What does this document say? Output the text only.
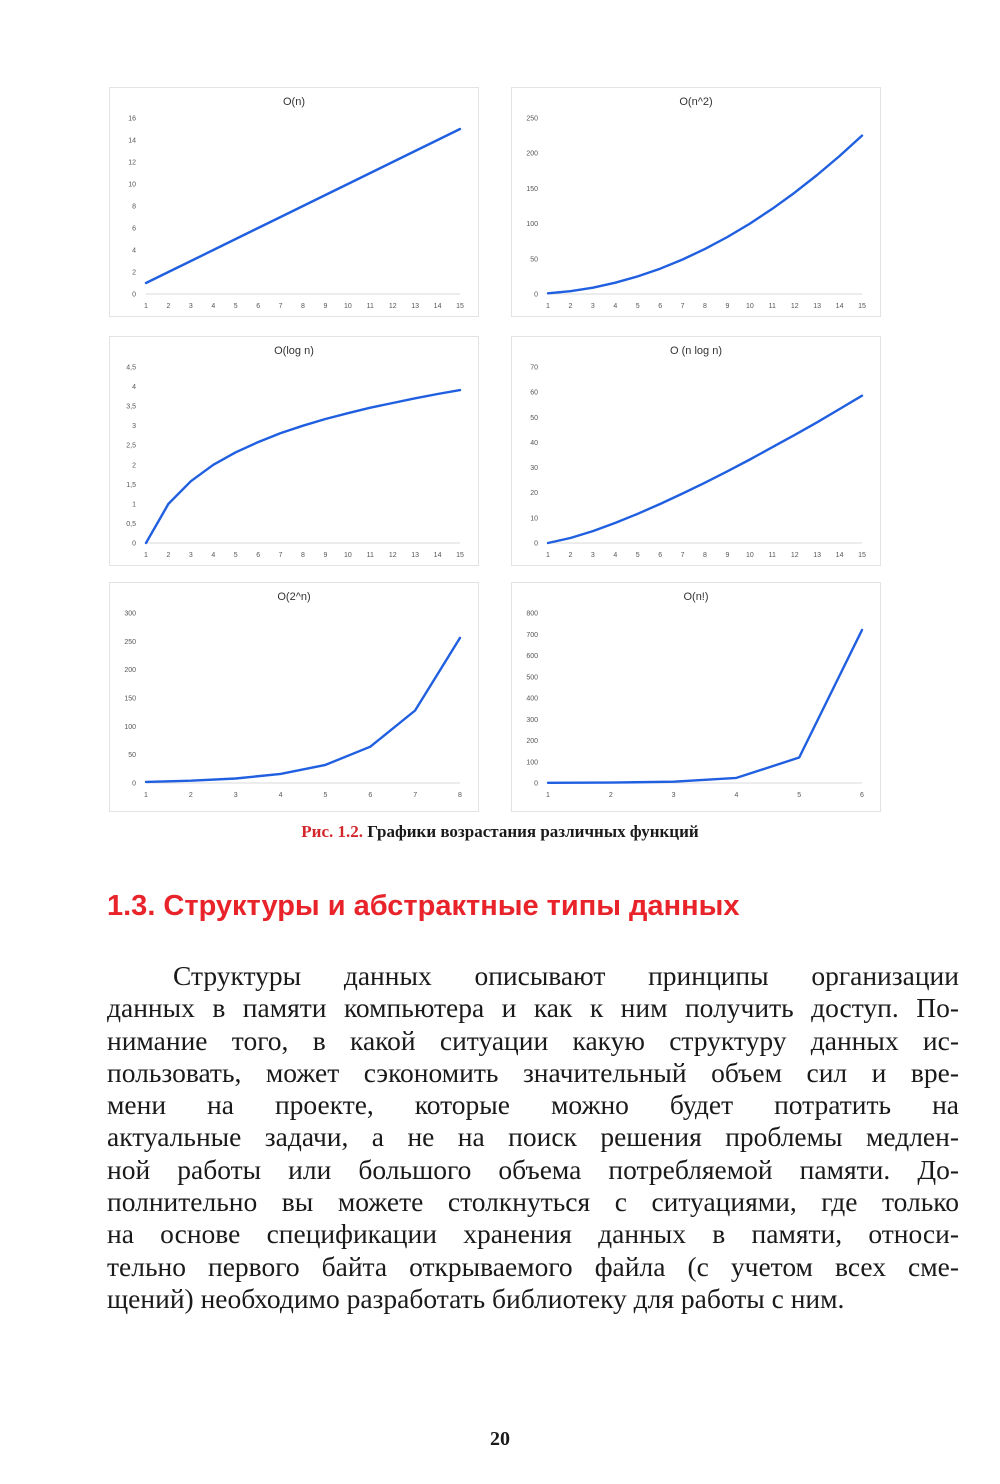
O(n)
0
2
4
6
8
10
12
14
16
1	2	3	4	5	6	7	8	9 10 11 12 13 14 15
O(n^2)
0
50
100
150
200
250
1	2	3	4	5	6	7	8	9 10 11 12 13 14 15
O(log n)
0
0,5
1
1,5
2
2,5
3
3,5
4
4,5
1	2	3	4	5	6	7	8	9 10 11 12 13 14 15
O (n log n)
0
10
20
30
40
50
60
70
1	2	3	4	5	6	7	8	9 10 11 12 13 14 15
O(2^n)
0
50
100
150
200
250
300
1	2	3	4	5	6	7	8
O(n!)
0
100
200
300
400
500
600
700
800
1	2	3	4	5	6
Рис. 1.2. Графики возрастания различных функций
1.3. Структуры и абстрактные типы данных
Структуры данных описывают принципы организации
данных в памяти компьютера и как к ним получить доступ. По-
нимание того, в какой ситуации какую структуру данных ис-
пользовать, может сэкономить значительный объем сил и вре-
мени на проекте, которые можно будет потратить на
актуальные задачи, а не на поиск решения проблемы медлен-
ной работы или большого объема потребляемой памяти. До-
полнительно вы можете столкнуться с ситуациями, где только
на основе спецификации хранения данных в памяти, относи-
тельно первого байта открываемого файла (с учетом всех сме-
щений) необходимо разработать библиотеку для работы с ним.
20
